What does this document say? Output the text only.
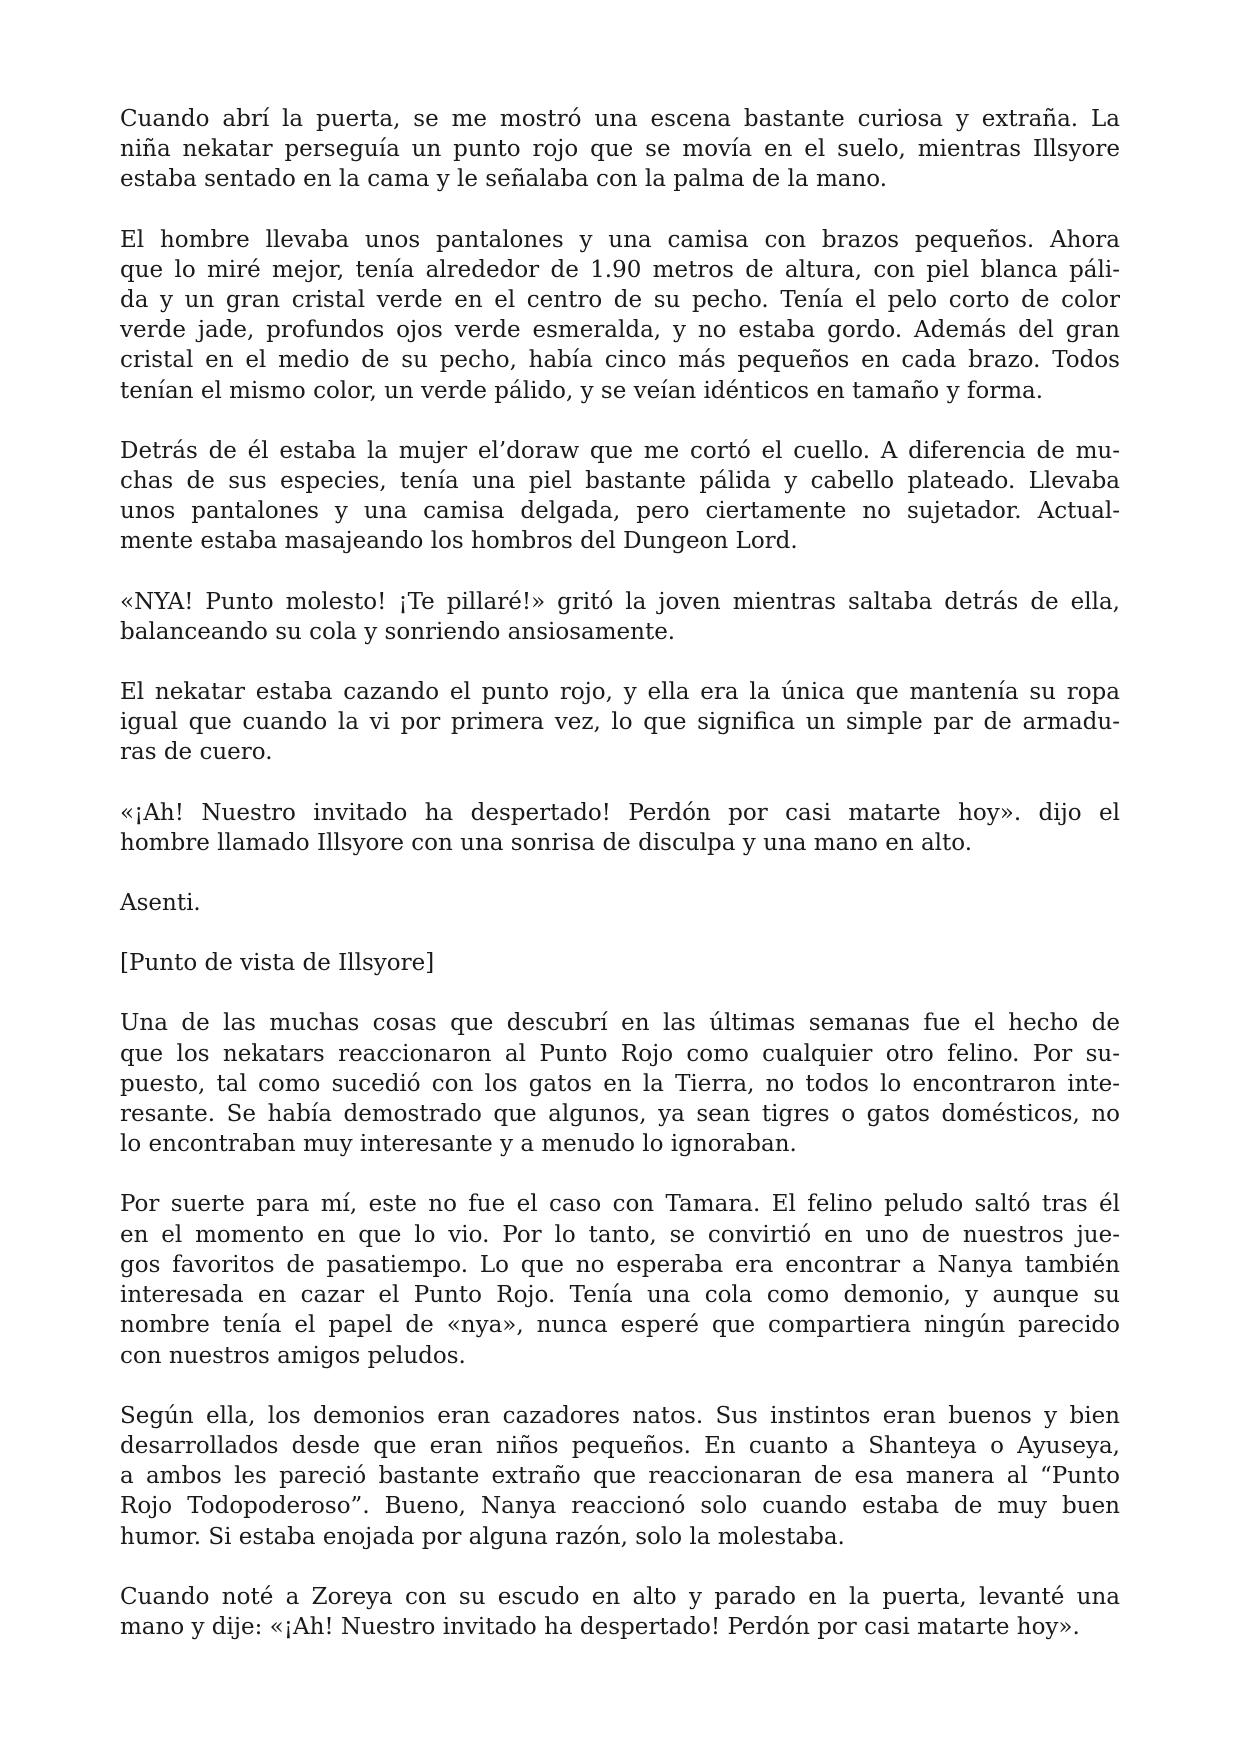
Cuando abrí la puerta, se me mostró una escena bastante curiosa y extraña. La
niña nekatar perseguía un punto rojo que se movía en el suelo, mientras Illsyore
estaba sentado en la cama y le señalaba con la palma de la mano.

El hombre llevaba unos pantalones y una camisa con brazos pequeños. Ahora
que lo miré mejor, tenía alrededor de 1.90 metros de altura, con piel blanca páli-
da y un gran cristal verde en el centro de su pecho. Tenía el pelo corto de color
verde jade, profundos ojos verde esmeralda, y no estaba gordo. Además del gran
cristal en el medio de su pecho, había cinco más pequeños en cada brazo. Todos
tenían el mismo color, un verde pálido, y se veían idénticos en tamaño y forma.

Detrás de él estaba la mujer el’doraw que me cortó el cuello. A diferencia de mu-
chas de sus especies, tenía una piel bastante pálida y cabello plateado. Llevaba
unos pantalones y una camisa delgada, pero ciertamente no sujetador. Actual-
mente estaba masajeando los hombros del Dungeon Lord.

«NYA! Punto molesto! ¡Te pillaré!» gritó la joven mientras saltaba detrás de ella,
balanceando su cola y sonriendo ansiosamente.

El nekatar estaba cazando el punto rojo, y ella era la única que mantenía su ropa
igual que cuando la vi por primera vez, lo que significa un simple par de armadu-
ras de cuero.

«¡Ah! Nuestro invitado ha despertado! Perdón por casi matarte hoy». dijo el
hombre llamado Illsyore con una sonrisa de disculpa y una mano en alto.

Asenti.

[Punto de vista de Illsyore]

Una de las muchas cosas que descubrí en las últimas semanas fue el hecho de
que los nekatars reaccionaron al Punto Rojo como cualquier otro felino. Por su-
puesto, tal como sucedió con los gatos en la Tierra, no todos lo encontraron inte-
resante. Se había demostrado que algunos, ya sean tigres o gatos domésticos, no
lo encontraban muy interesante y a menudo lo ignoraban.

Por suerte para mí, este no fue el caso con Tamara. El felino peludo saltó tras él
en el momento en que lo vio. Por lo tanto, se convirtió en uno de nuestros jue-
gos favoritos de pasatiempo. Lo que no esperaba era encontrar a Nanya también
interesada en cazar el Punto Rojo. Tenía una cola como demonio, y aunque su
nombre tenía el papel de «nya», nunca esperé que compartiera ningún parecido
con nuestros amigos peludos.

Según ella, los demonios eran cazadores natos. Sus instintos eran buenos y bien
desarrollados desde que eran niños pequeños. En cuanto a Shanteya o Ayuseya,
a ambos les pareció bastante extraño que reaccionaran de esa manera al “Punto
Rojo Todopoderoso”. Bueno, Nanya reaccionó solo cuando estaba de muy buen
humor. Si estaba enojada por alguna razón, solo la molestaba.

Cuando noté a Zoreya con su escudo en alto y parado en la puerta, levanté una
mano y dije: «¡Ah! Nuestro invitado ha despertado! Perdón por casi matarte hoy».
